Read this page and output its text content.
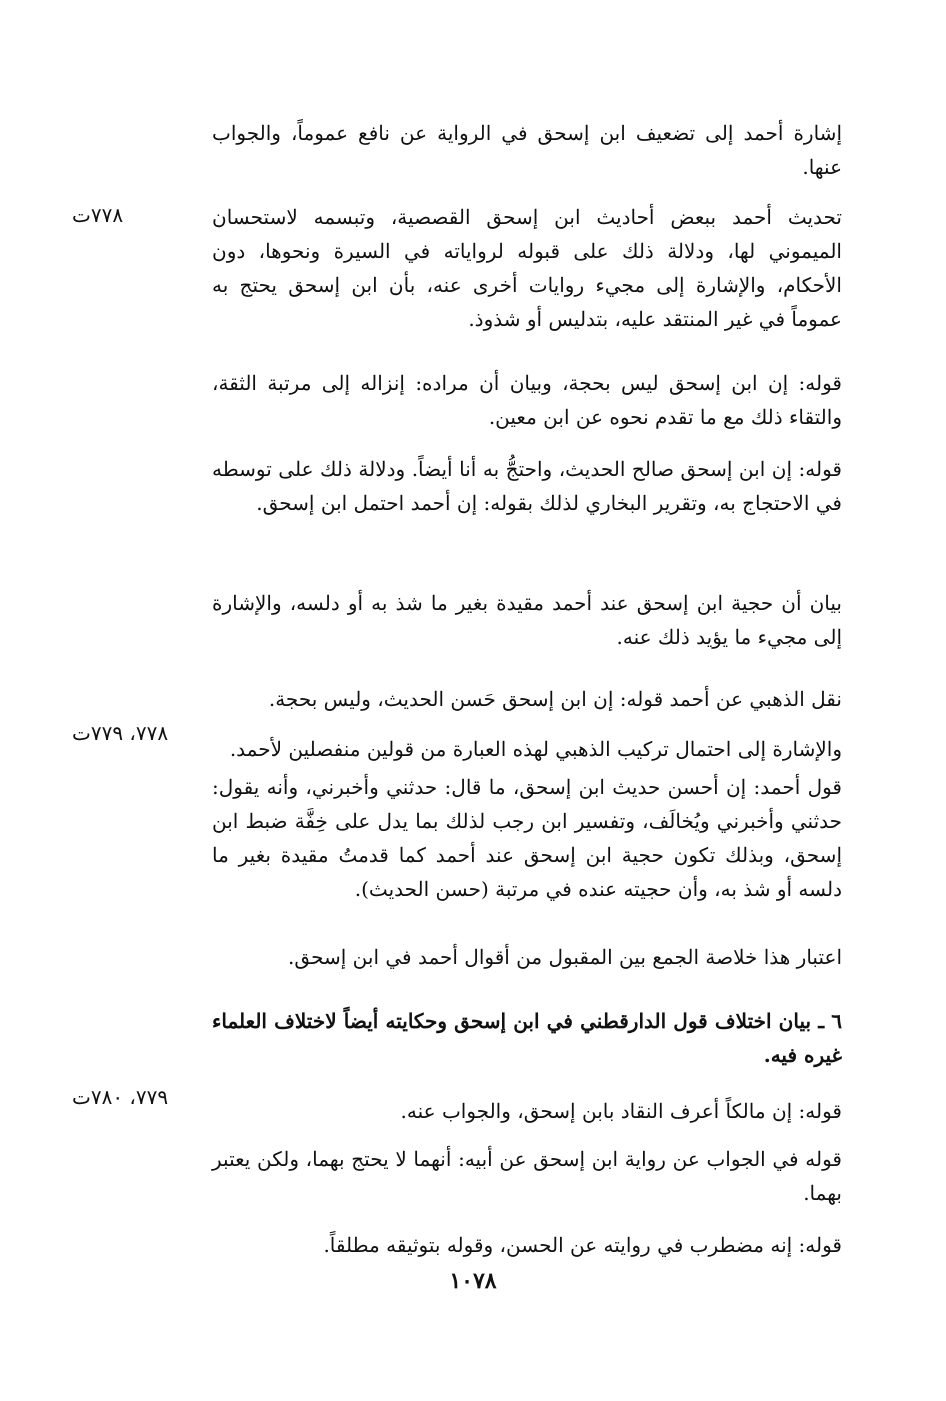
إشارة أحمد إلى تضعيف ابن إسحق في الرواية عن نافع عموماً، والجواب عنها.

تحديث أحمد ببعض أحاديث ابن إسحق القصصية، وتبسمه لاستحسان الميموني لها، ودلالة ذلك على قبوله لرواياته في السيرة ونحوها، دون الأحكام، والإشارة إلى مجيء روايات أخرى عنه، بأن ابن إسحق يحتج به عموماً في غير المنتقد عليه، بتدليس أو شذوذ.

٧٧٨ت

قوله: إن ابن إسحق ليس بحجة، وبيان أن مراده: إنزاله إلى مرتبة الثقة، والتقاء ذلك مع ما تقدم نحوه عن ابن معين.

قوله: إن ابن إسحق صالح الحديث، واحتجُّ به أنا أيضاً. ودلالة ذلك على توسطه في الاحتجاج به، وتقرير البخاري لذلك بقوله: إن أحمد احتمل ابن إسحق.

بيان أن حجية ابن إسحق عند أحمد مقيدة بغير ما شذ به أو دلسه، والإشارة إلى مجيء ما يؤيد ذلك عنه.

نقل الذهبي عن أحمد قوله: إن ابن إسحق حَسن الحديث، وليس بحجة.

والإشارة إلى احتمال تركيب الذهبي لهذه العبارة من قولين منفصلين لأحمد.

٧٧٨، ٧٧٩ت

قول أحمد: إن أحسن حديث ابن إسحق، ما قال: حدثني وأخبرني، وأنه يقول: حدثني وأخبرني ويُخالَف، وتفسير ابن رجب لذلك بما يدل على خِفَّة ضبط ابن إسحق، وبذلك تكون حجية ابن إسحق عند أحمد كما قدمتُ مقيدة بغير ما دلسه أو شذ به، وأن حجيته عنده في مرتبة (حسن الحديث).

اعتبار هذا خلاصة الجمع بين المقبول من أقوال أحمد في ابن إسحق.

٦ ـ بيان اختلاف قول الدارقطني في ابن إسحق وحكايته أيضاً لاختلاف العلماء غيره فيه.

قوله: إن مالكاً أعرف النقاد بابن إسحق، والجواب عنه.

٧٧٩، ٧٨٠ت

قوله في الجواب عن رواية ابن إسحق عن أبيه: أنهما لا يحتج بهما، ولكن يعتبر بهما.

قوله: إنه مضطرب في روايته عن الحسن، وقوله بتوثيقه مطلقاً.

١٠٧٨
